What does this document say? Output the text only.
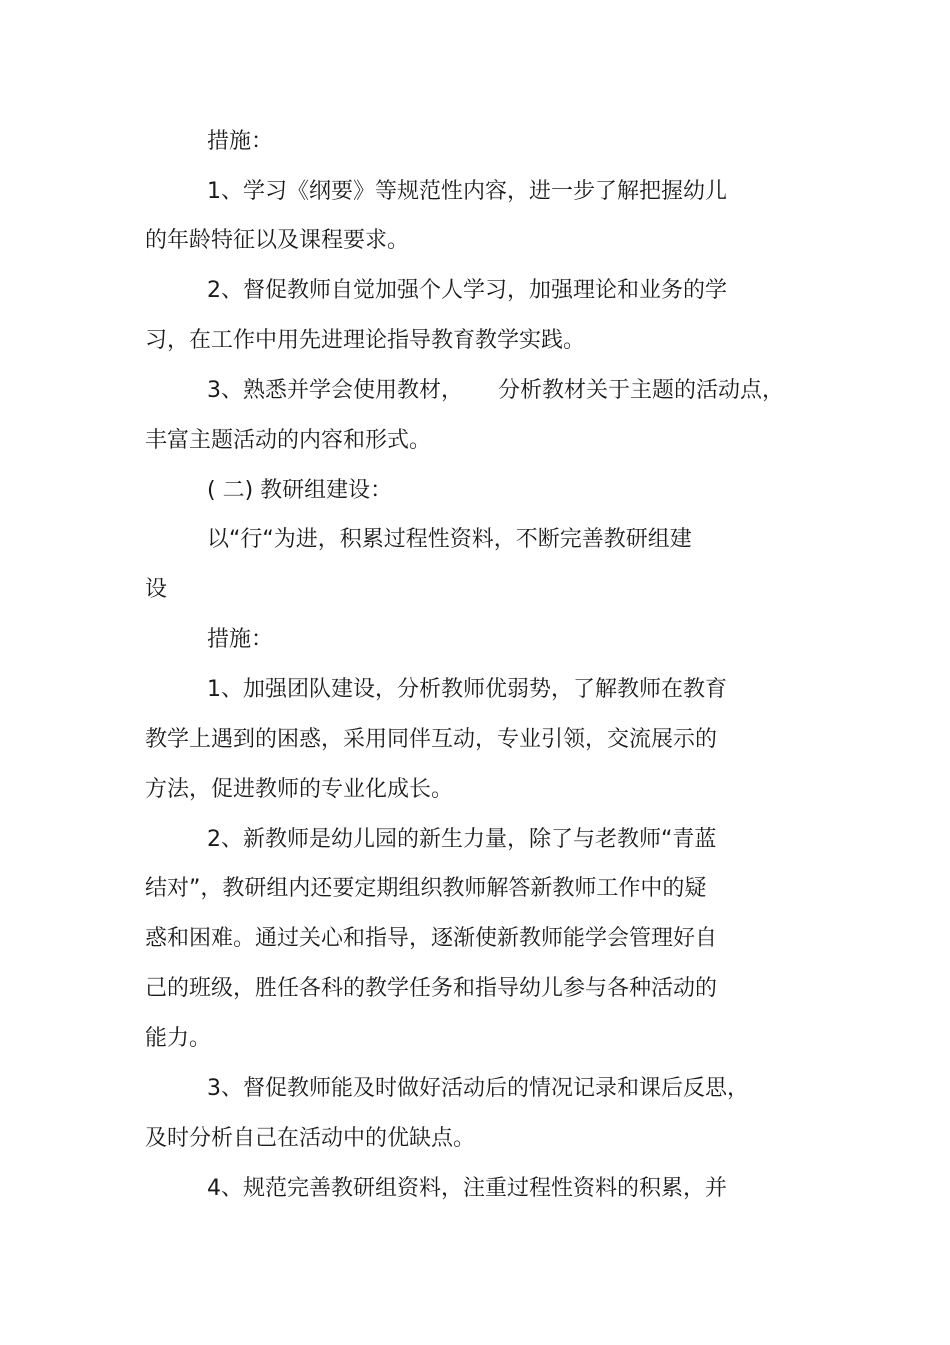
措施：
1、学习《纲要》等规范性内容，进一步了解把握幼儿
的年龄特征以及课程要求。
2、督促教师自觉加强个人学习，加强理论和业务的学
习，在工作中用先进理论指导教育教学实践。
3、熟悉并学会使用教材，     分析教材关于主题的活动点，
丰富主题活动的内容和形式。
( 二) 教研组建设：
以“行“为进，积累过程性资料，不断完善教研组建
设
措施：
1、加强团队建设，分析教师优弱势，了解教师在教育
教学上遇到的困惑，采用同伴互动，专业引领，交流展示的
方法，促进教师的专业化成长。
2、新教师是幼儿园的新生力量，除了与老教师“青蓝
结对”，教研组内还要定期组织教师解答新教师工作中的疑
惑和困难。通过关心和指导，逐渐使新教师能学会管理好自
己的班级，胜任各科的教学任务和指导幼儿参与各种活动的
能力。
3、督促教师能及时做好活动后的情况记录和课后反思，
及时分析自己在活动中的优缺点。
4、规范完善教研组资料，注重过程性资料的积累，并
